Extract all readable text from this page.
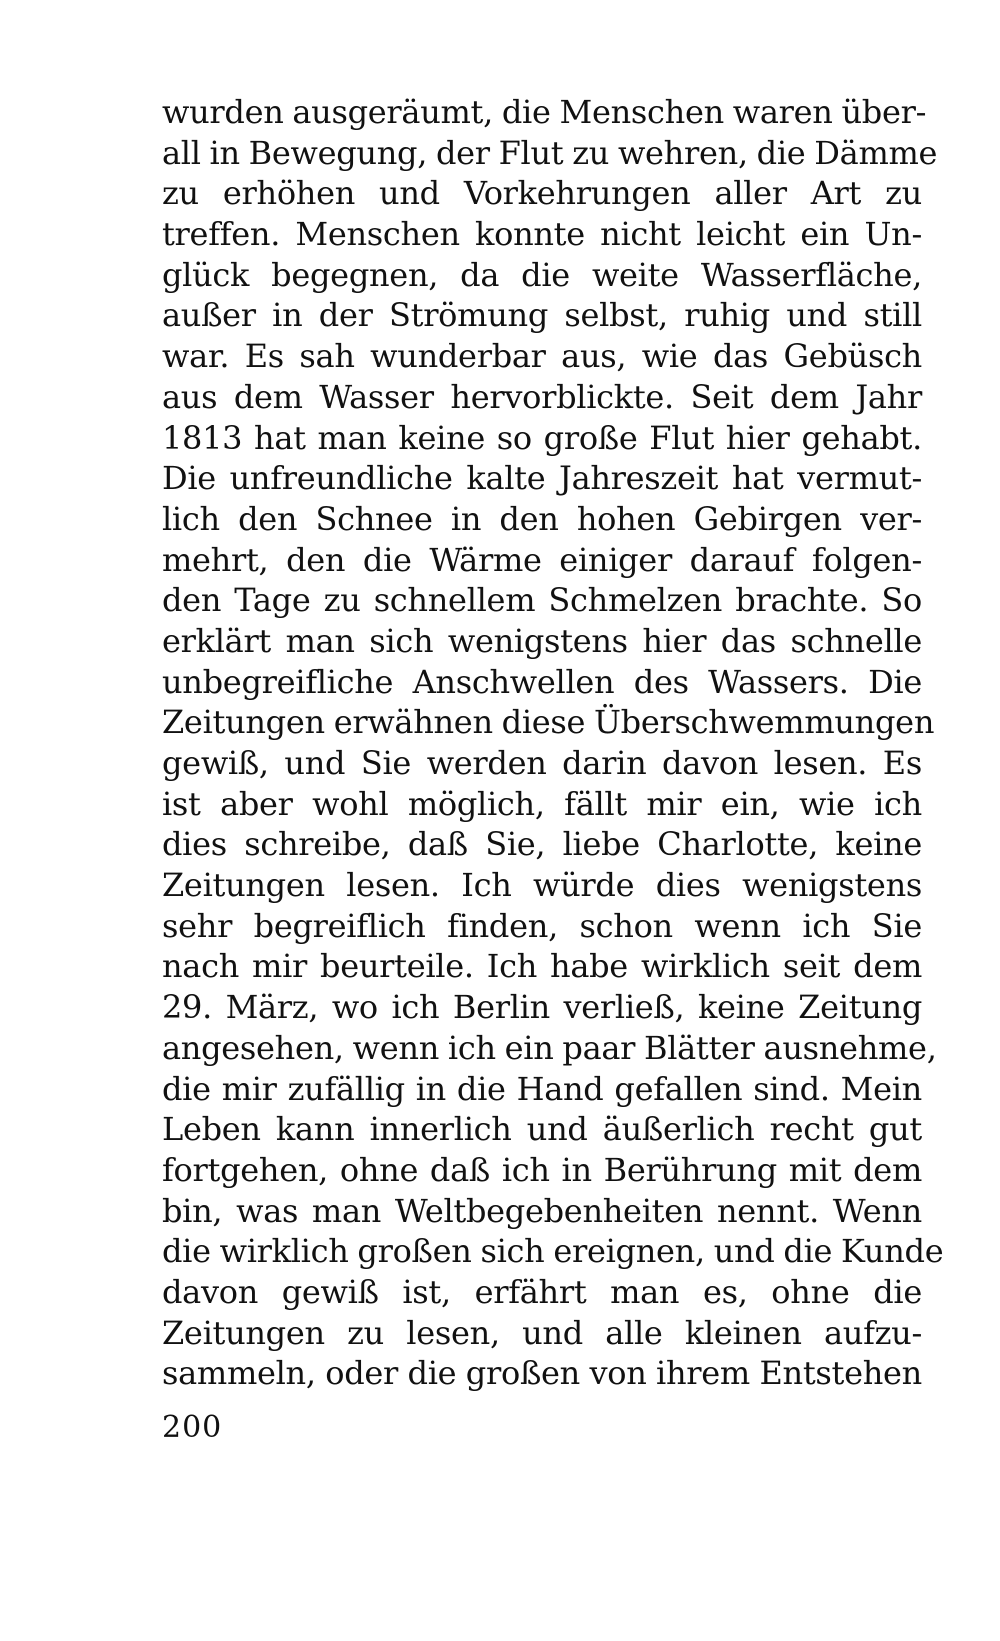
wurden ausgeräumt, die Menschen waren über-
all in Bewegung, der Flut zu wehren, die Dämme
zu erhöhen und Vorkehrungen aller Art zu
treffen. Menschen konnte nicht leicht ein Un-
glück begegnen, da die weite Wasserfläche,
außer in der Strömung selbst, ruhig und still
war. Es sah wunderbar aus, wie das Gebüsch
aus dem Wasser hervorblickte. Seit dem Jahr
1813 hat man keine so große Flut hier gehabt.
Die unfreundliche kalte Jahreszeit hat vermut-
lich den Schnee in den hohen Gebirgen ver-
mehrt, den die Wärme einiger darauf folgen-
den Tage zu schnellem Schmelzen brachte. So
erklärt man sich wenigstens hier das schnelle
unbegreifliche Anschwellen des Wassers. Die
Zeitungen erwähnen diese Überschwemmungen
gewiß, und Sie werden darin davon lesen. Es
ist aber wohl möglich, fällt mir ein, wie ich
dies schreibe, daß Sie, liebe Charlotte, keine
Zeitungen lesen. Ich würde dies wenigstens
sehr begreiflich finden, schon wenn ich Sie
nach mir beurteile. Ich habe wirklich seit dem
29. März, wo ich Berlin verließ, keine Zeitung
angesehen, wenn ich ein paar Blätter ausnehme,
die mir zufällig in die Hand gefallen sind. Mein
Leben kann innerlich und äußerlich recht gut
fortgehen, ohne daß ich in Berührung mit dem
bin, was man Weltbegebenheiten nennt. Wenn
die wirklich großen sich ereignen, und die Kunde
davon gewiß ist, erfährt man es, ohne die
Zeitungen zu lesen, und alle kleinen aufzu-
sammeln, oder die großen von ihrem Entstehen
200
